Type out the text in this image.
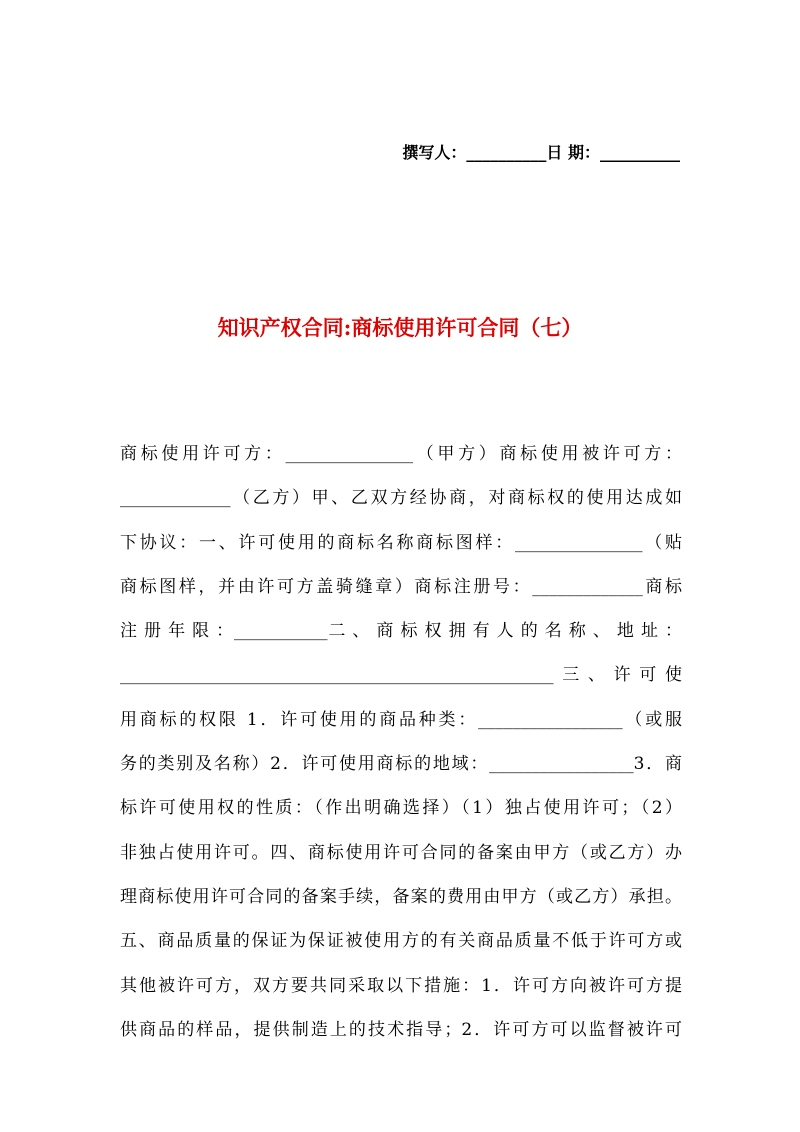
撰写人：__________日 期：__________
知识产权合同:商标使用许可合同（七）
商标使用许可方：_______________（甲方）商标使用被许可方：
_____________（乙方）甲、乙双方经协商，对商标权的使用达成如
下协议：一、许可使用的商标名称商标图样：_______________（贴
商标图样，并由许可方盖骑缝章）商标注册号：_____________商标
注 册 年 限 ：___________二 、 商 标 权 拥 有 人 的 名 称 、 地 址 ：
___________________________________________________三、许可使
用商标的权限 1．许可使用的商品种类：_________________（或服
务的类别及名称）2．许可使用商标的地域：_________________3．商
标许可使用权的性质：（作出明确选择）（1）独占使用许可；（2）
非独占使用许可。四、商标使用许可合同的备案由甲方（或乙方）办
理商标使用许可合同的备案手续，备案的费用由甲方（或乙方）承担。
五、商品质量的保证为保证被使用方的有关商品质量不低于许可方或
其他被许可方，双方要共同采取以下措施：1．许可方向被许可方提
供商品的样品，提供制造上的技术指导；2．许可方可以监督被许可
